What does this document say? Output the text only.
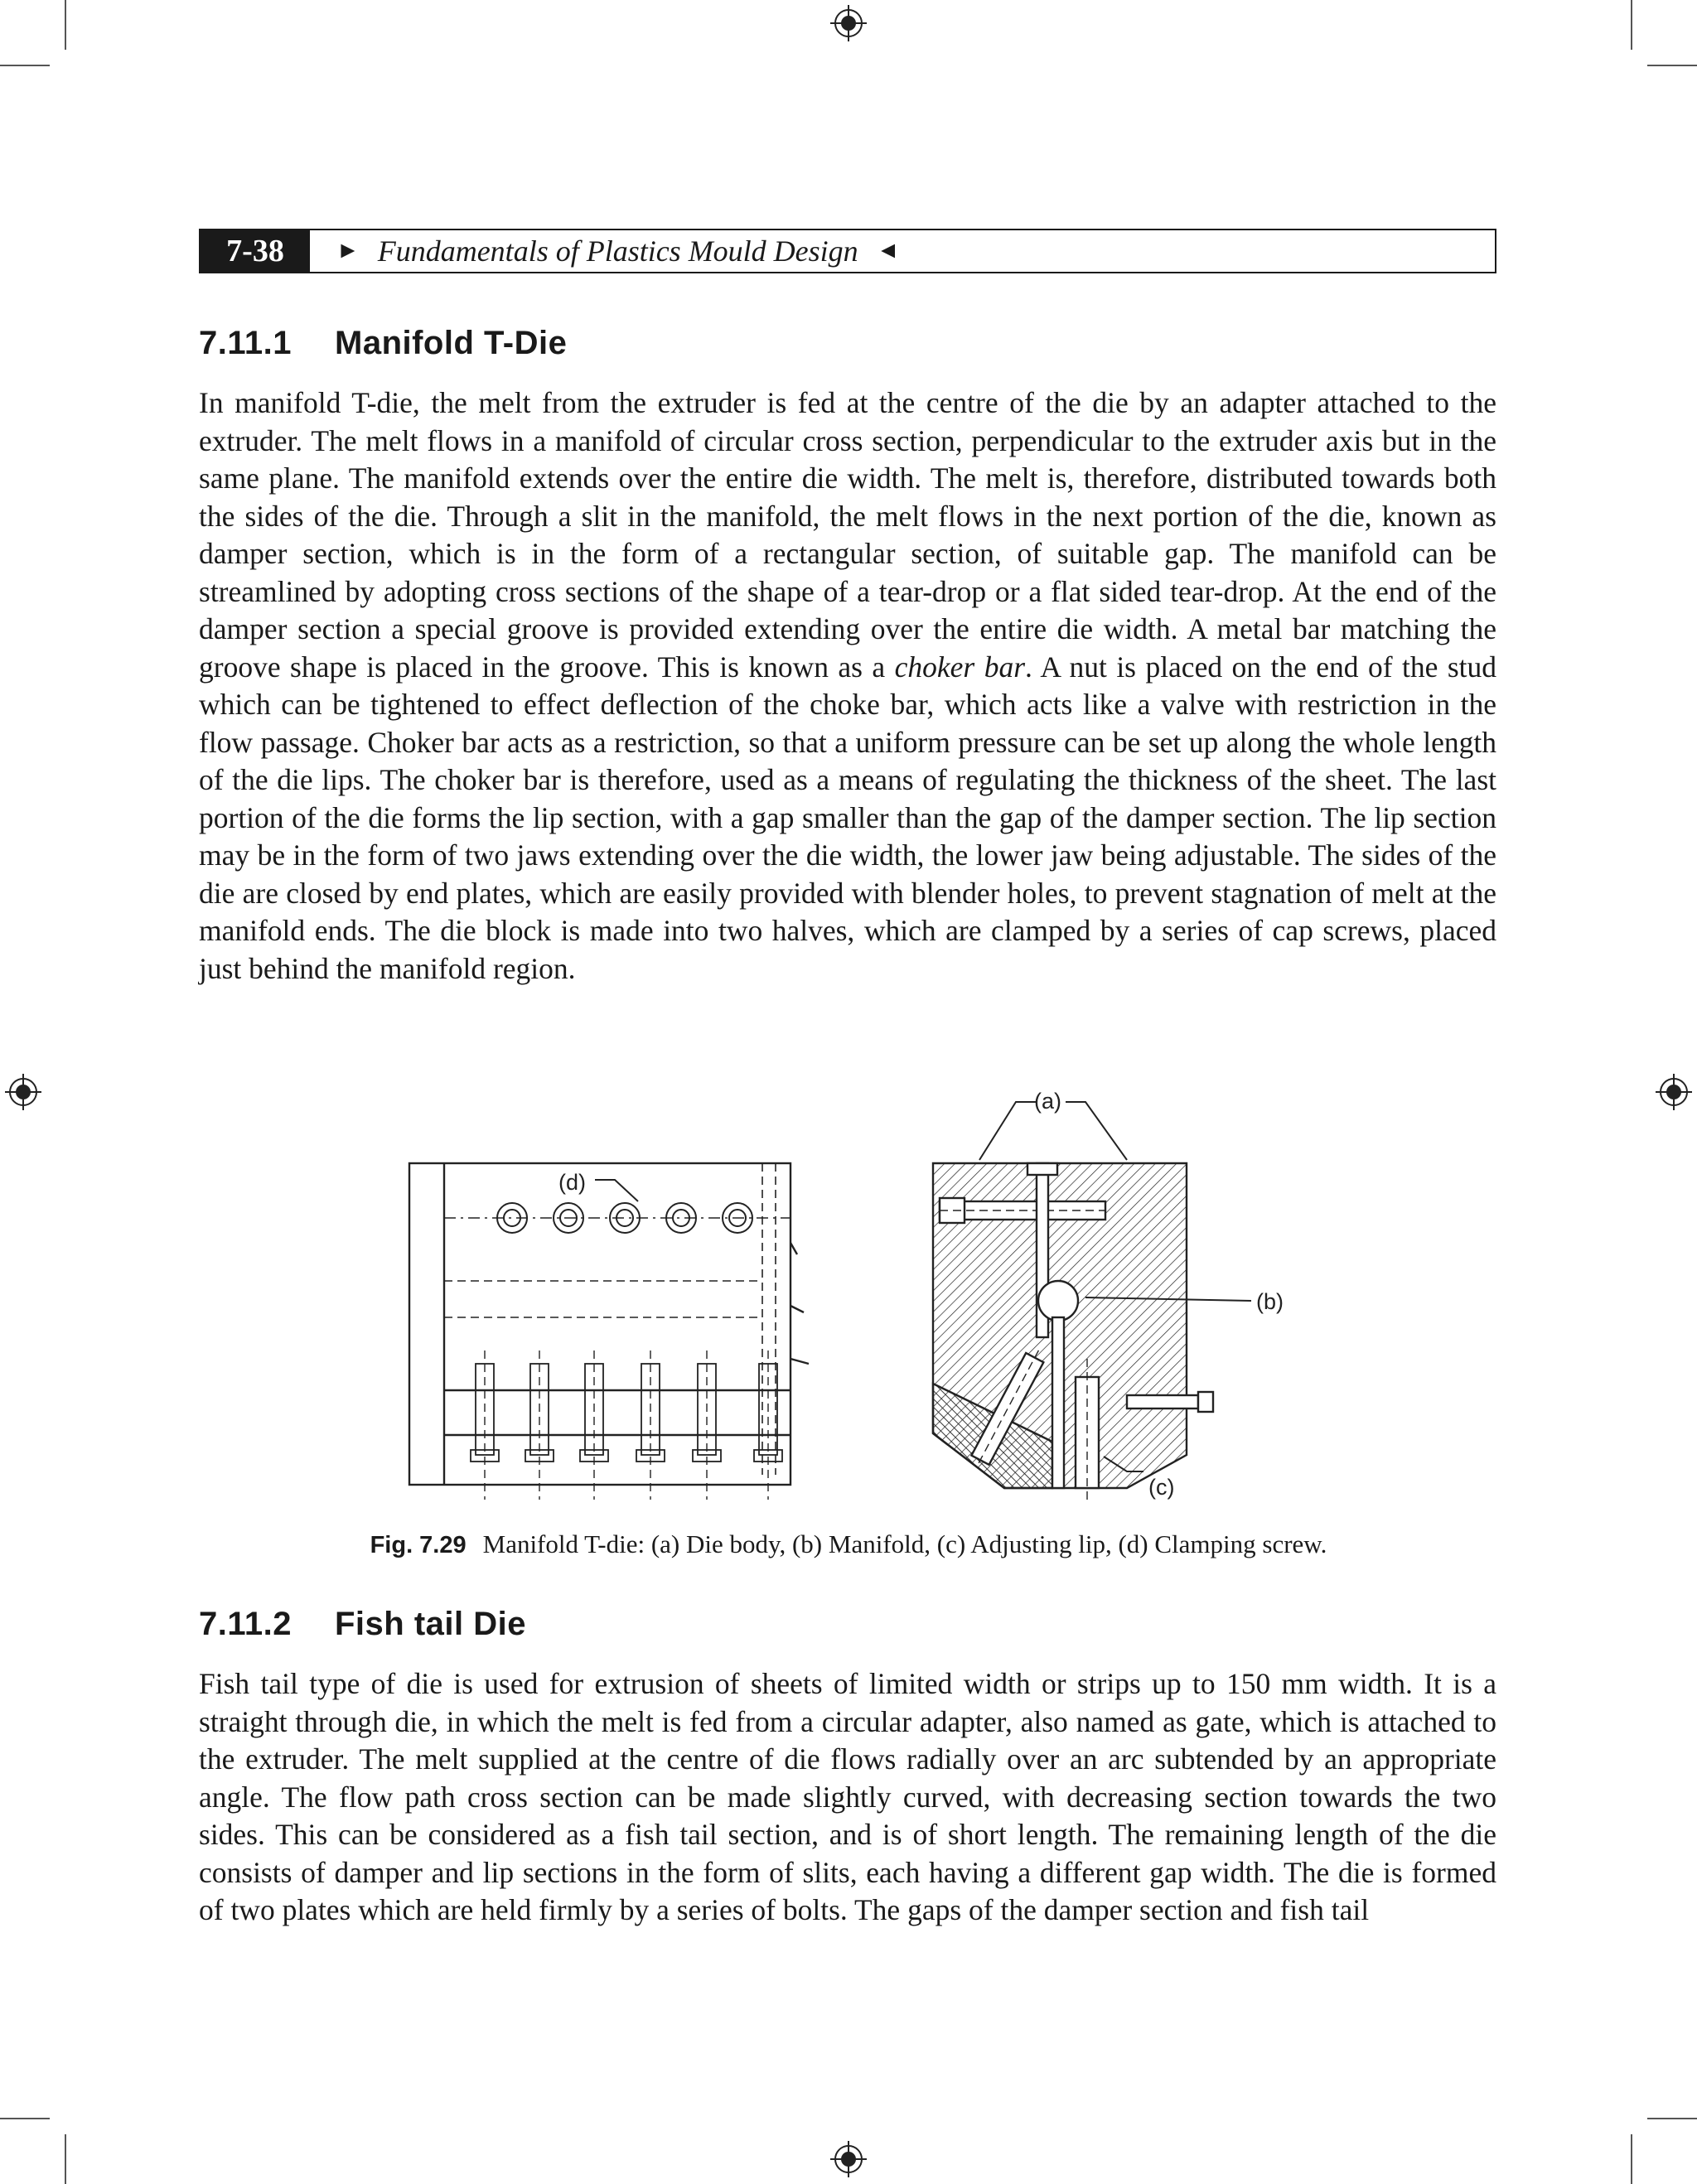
7-38	► Fundamentals of Plastics Mould Design ◄
7.11.1 Manifold T-Die

In manifold T-die, the melt from the extruder is fed at the centre of the die by an adapter attached to the extruder. The melt flows in a manifold of circular cross section, perpendicular to the extruder axis but in the same plane. The manifold extends over the entire die width. The melt is, therefore, distributed towards both the sides of the die. Through a slit in the manifold, the melt flows in the next portion of the die, known as damper section, which is in the form of a rectangular section, of suitable gap. The manifold can be streamlined by adopting cross sections of the shape of a tear-drop or a flat sided tear-drop. At the end of the damper section a special groove is provided extending over the entire die width. A metal bar matching the groove shape is placed in the groove. This is known as a choker bar. A nut is placed on the end of the stud which can be tightened to effect deflection of the choke bar, which acts like a valve with restriction in the flow passage. Choker bar acts as a restriction, so that a uniform pressure can be set up along the whole length of the die lips. The choker bar is therefore, used as a means of regulating the thickness of the sheet. The last portion of the die forms the lip section, with a gap smaller than the gap of the damper section. The lip section may be in the form of two jaws extending over the die width, the lower jaw being adjustable. The sides of the die are closed by end plates, which are easily provided with blender holes, to prevent stagnation of melt at the manifold ends. The die block is made into two halves, which are clamped by a series of cap screws, placed just behind the manifold region.

(a)
(d)
(b)
(c)
Fig. 7.29 Manifold T-die: (a) Die body, (b) Manifold, (c) Adjusting lip, (d) Clamping screw.
7.11.2 Fish tail Die

Fish tail type of die is used for extrusion of sheets of limited width or strips up to 150 mm width. It is a straight through die, in which the melt is fed from a circular adapter, also named as gate, which is attached to the extruder. The melt supplied at the centre of die flows radially over an arc subtended by an appropriate angle. The flow path cross section can be made slightly curved, with decreasing section towards the two sides. This can be considered as a fish tail section, and is of short length. The remaining length of the die consists of damper and lip sections in the form of slits, each having a different gap width. The die is formed of two plates which are held firmly by a series of bolts. The gaps of the damper section and fish tail
